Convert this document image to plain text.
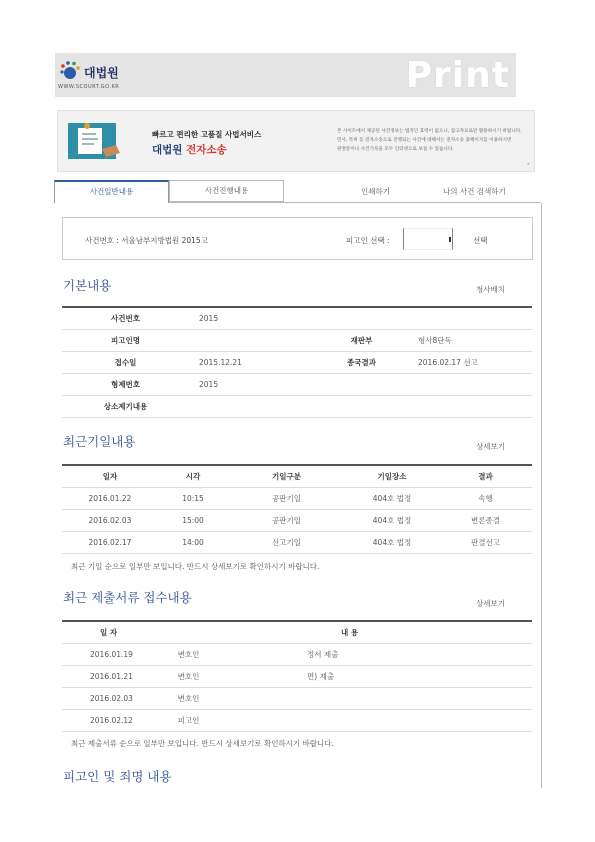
대법원
WWW.SCOURT.GO.KR	Print
빠르고 편리한 고품질 사법서비스
대법원 전자소송
본 사이트에서 제공된 사건정보는 법적인 효력이 없으니, 참고자료로만 활용하시기 바랍니다.
민사, 특허 등 전자소송으로 진행되는 사건에 대해서는 전자소송 홈페이지를 이용하시면
판결문이나 사건기록을 모두 인터넷으로 보실 수 있습니다.
•
사건일반내용	사건진행내용	인쇄하기	나의 사건 검색하기
사건번호 : 서울남부지방법원 2015고	피고인 선택 :	선택
기본내용	청사배치
사건번호	2015		
피고인명		재판부	형사8단독
접수일	2015.12.21	종국결과	2016.02.17 선고
형제번호	2015		
상소제기내용			
최근기일내용	상세보기
일자	시각	기일구분	기일장소	결과
2016.01.22	10:15	공판기일	404호 법정	속행
2016.02.03	15:00	공판기일	404호 법정	변론종결
2016.02.17	14:00	선고기일	404호 법정	판결선고
최근 기일 순으로 일부만 보입니다. 반드시 상세보기로 확인하시기 바랍니다.
최근 제출서류 접수내용	상세보기
일 자			내 용
2016.01.19	변호인		정서 제출
2016.01.21	변호인		면) 제출
2016.02.03	변호인		
2016.02.12	피고인		
최근 제출서류 순으로 일부만 보입니다. 반드시 상세보기로 확인하시기 바랍니다.
피고인 및 죄명 내용
